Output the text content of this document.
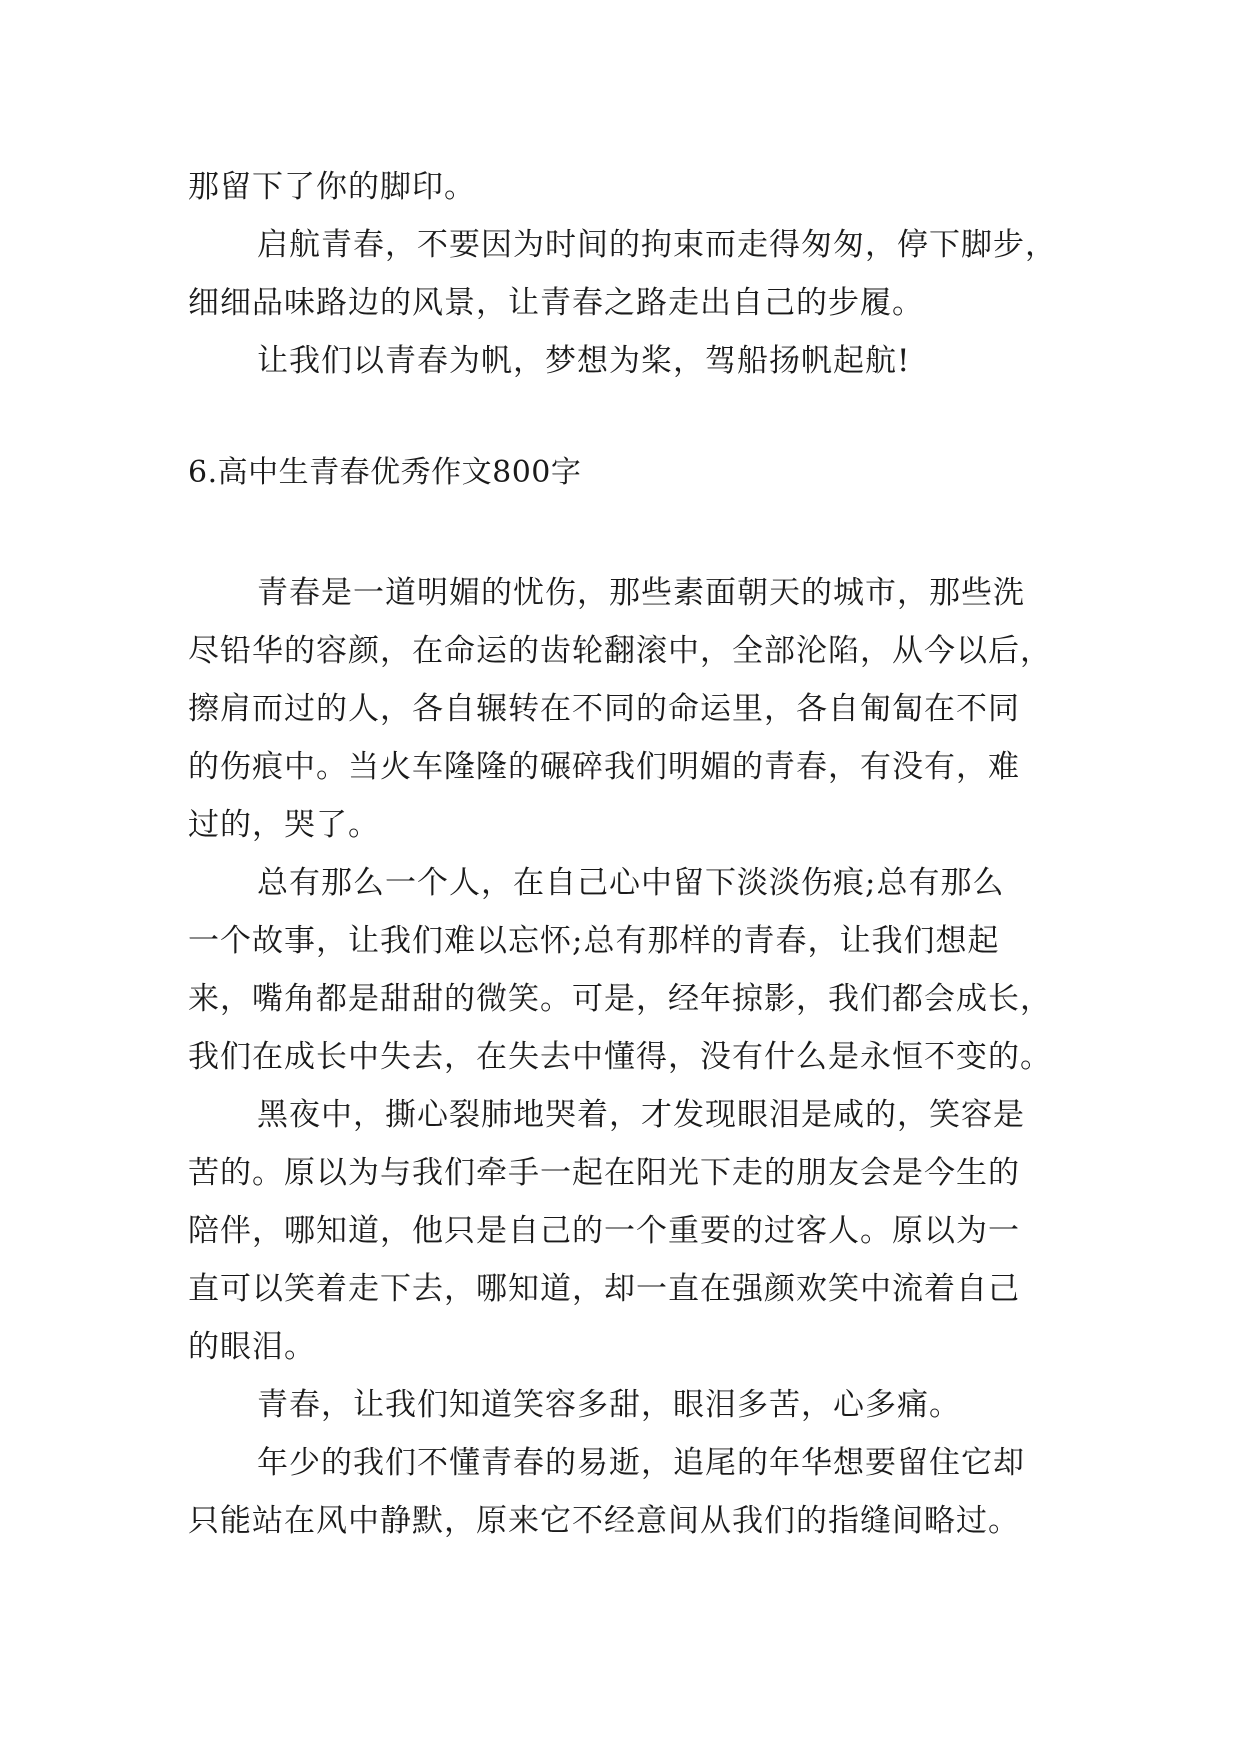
那留下了你的脚印。
启航青春，不要因为时间的拘束而走得匆匆，停下脚步，
细细品味路边的风景，让青春之路走出自己的步履。
让我们以青春为帆，梦想为桨，驾船扬帆起航!
6.高中生青春优秀作文800字
青春是一道明媚的忧伤，那些素面朝天的城市，那些洗
尽铅华的容颜，在命运的齿轮翻滚中，全部沦陷，从今以后，
擦肩而过的人，各自辗转在不同的命运里，各自匍匐在不同
的伤痕中。当火车隆隆的碾碎我们明媚的青春，有没有，难
过的，哭了。
总有那么一个人，在自己心中留下淡淡伤痕;总有那么
一个故事，让我们难以忘怀;总有那样的青春，让我们想起
来，嘴角都是甜甜的微笑。可是，经年掠影，我们都会成长，
我们在成长中失去，在失去中懂得，没有什么是永恒不变的。
黑夜中，撕心裂肺地哭着，才发现眼泪是咸的，笑容是
苦的。原以为与我们牵手一起在阳光下走的朋友会是今生的
陪伴，哪知道，他只是自己的一个重要的过客人。原以为一
直可以笑着走下去，哪知道，却一直在强颜欢笑中流着自己
的眼泪。
青春，让我们知道笑容多甜，眼泪多苦，心多痛。
年少的我们不懂青春的易逝，追尾的年华想要留住它却
只能站在风中静默，原来它不经意间从我们的指缝间略过。
